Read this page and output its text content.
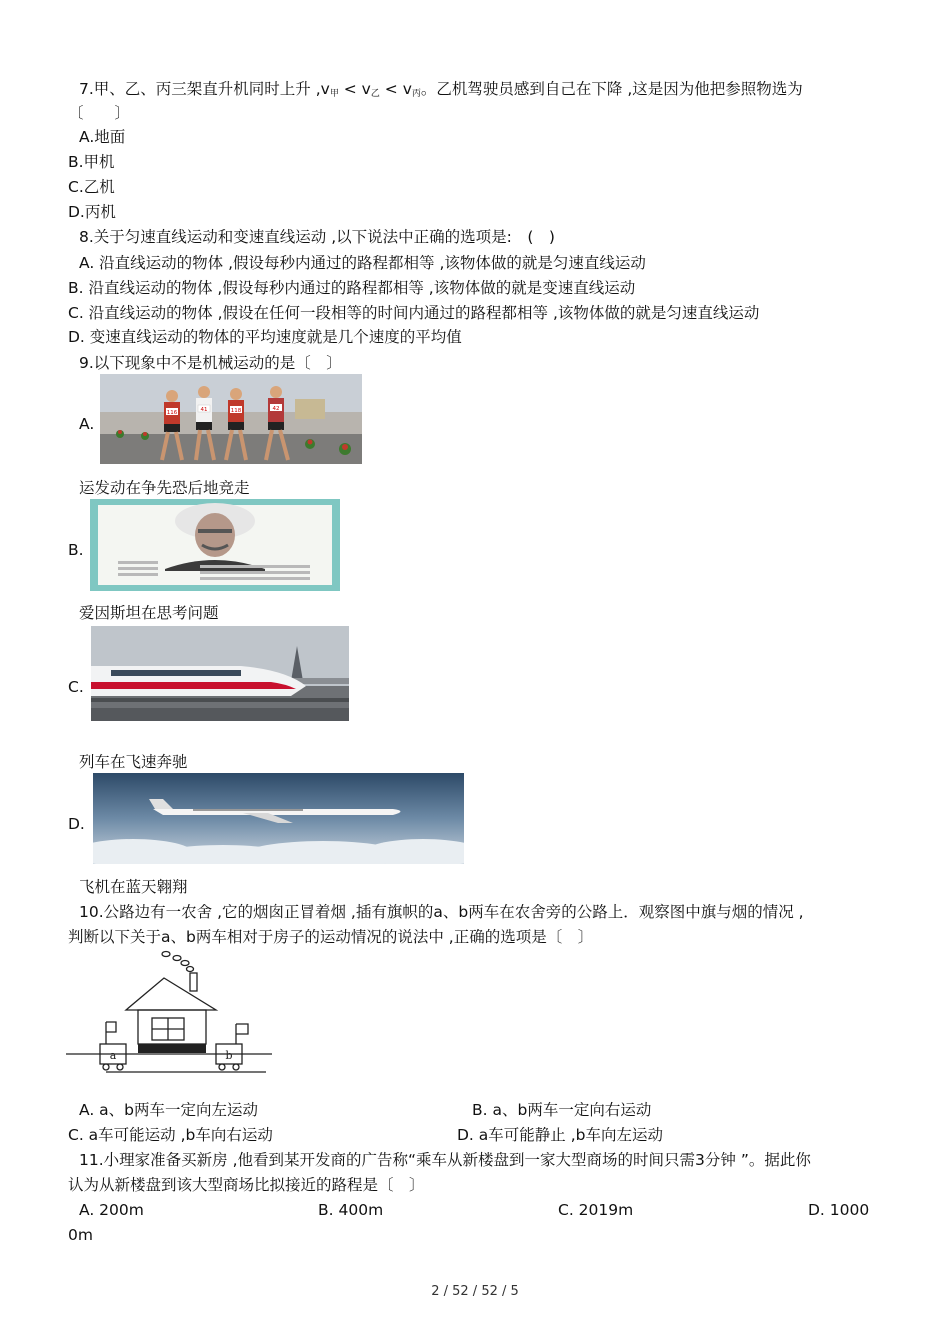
7.甲、乙、丙三架直升机同时上升 $,v_甲 < v_乙 < v_丙$。乙机驾驶员感到自己在下降 ,这是因为他把参照物选为
〔　　〕
A.地面
B.甲机
C.乙机
D.丙机
8.关于匀速直线运动和变速直线运动 ,以下说法中正确的选项是:　(　)
A. 沿直线运动的物体 ,假设每秒内通过的路程都相等 ,该物体做的就是匀速直线运动
B. 沿直线运动的物体 ,假设每秒内通过的路程都相等 ,该物体做的就是变速直线运动
C. 沿直线运动的物体 ,假设在任何一段相等的时间内通过的路程都相等 ,该物体做的就是匀速直线运动
D. 变速直线运动的物体的平均速度就是几个速度的平均值
9.以下现象中不是机械运动的是〔　〕
A.
116	41	118	42
运发动在争先恐后地竞走
B.
爱因斯坦在思考问题
C.
列车在飞速奔驰
D.
飞机在蓝天翱翔
10.公路边有一农舍 ,它的烟囱正冒着烟 ,插有旗帜的a、b两车在农舍旁的公路上．观察图中旗与烟的情况 ,
判断以下关于a、b两车相对于房子的运动情况的说法中 ,正确的选项是〔　〕
a	b
A. a、b两车一定向左运动	B. a、b两车一定向右运动
C. a车可能运动 ,b车向右运动	D. a车可能静止 ,b车向左运动
11.小理家准备买新房 ,他看到某开发商的广告称“乘车从新楼盘到一家大型商场的时间只需3分钟 ”。据此你
认为从新楼盘到该大型商场比拟接近的路程是〔　〕
A. 200m	B. 400m	C. 2019m	D. 1000
0m
2 / 52 / 52 / 5
